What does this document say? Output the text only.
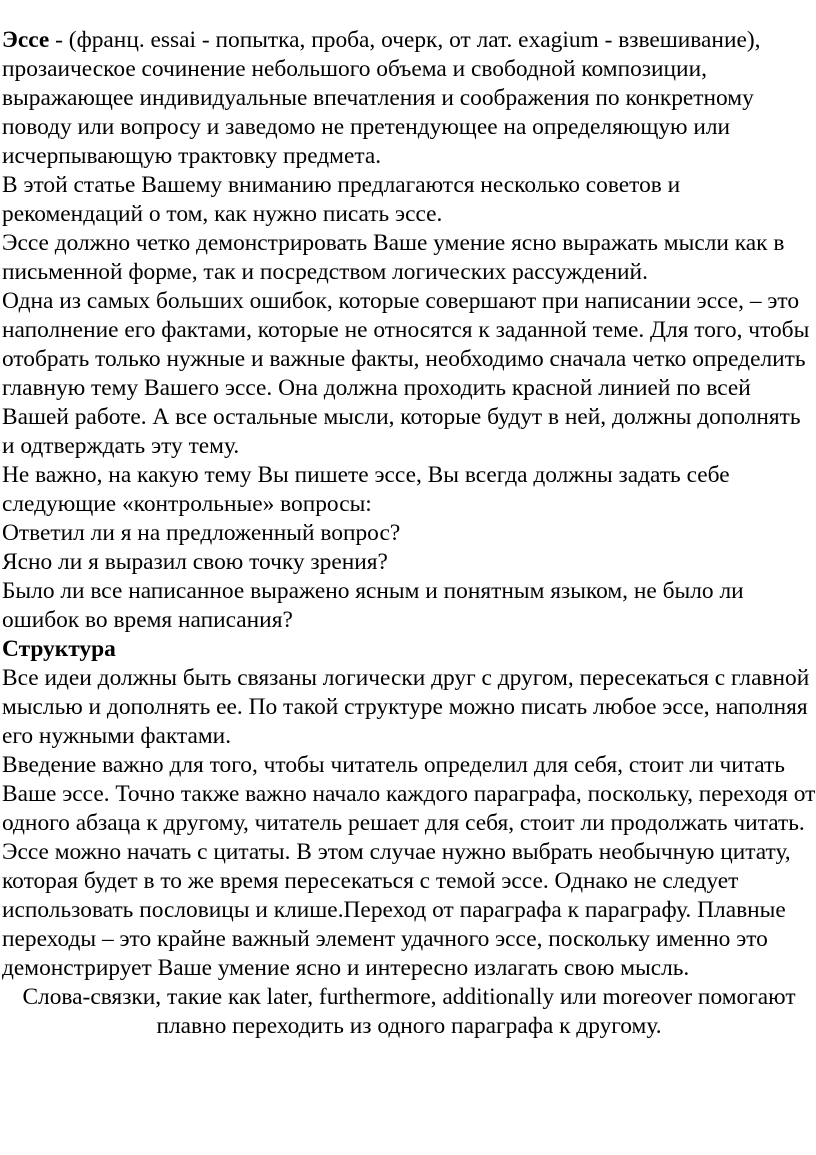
Эссе - (франц. essai - попытка, проба, очерк, от лат. exagium - взвешивание), прозаическое сочинение небольшого объема и свободной композиции, выражающее индивидуальные впечатления и соображения по конкретному поводу или вопросу и заведомо не претендующее на определяющую или исчерпывающую трактовку предмета.

В этой статье Вашему вниманию предлагаются несколько советов и рекомендаций о том, как нужно писать эссе.

Эссе должно четко демонстрировать Ваше умение ясно выражать мысли как в письменной форме, так и посредством логических рассуждений.

Одна из самых больших ошибок, которые совершают при написании эссе, – это наполнение его фактами, которые не относятся к заданной теме. Для того, чтобы отобрать только нужные и важные факты, необходимо сначала четко определить главную тему Вашего эссе. Она должна проходить красной линией по всей Вашей работе. А все остальные мысли, которые будут в ней, должны дополнять и одтверждать эту тему.

Не важно, на какую тему Вы пишете эссе, Вы всегда должны задать себе следующие «контрольные» вопросы:

Ответил ли я на предложенный вопрос?

Ясно ли я выразил свою точку зрения?

Было ли все написанное выражено ясным и понятным языком, не было ли ошибок во время написания?

Структура

Все идеи должны быть связаны логически друг с другом, пересекаться с главной мыслью и дополнять ее. По такой структуре можно писать любое эссе, наполняя его нужными фактами.

Введение важно для того, чтобы читатель определил для себя, стоит ли читать Ваше эссе. Точно также важно начало каждого параграфа, поскольку, переходя от одного абзаца к другому, читатель решает для себя, стоит ли продолжать читать. Эссе можно начать с цитаты. В этом случае нужно выбрать необычную цитату, которая будет в то же время пересекаться с темой эссе. Однако не следует использовать пословицы и клише.Переход от параграфа к параграфу. Плавные переходы – это крайне важный элемент удачного эссе, поскольку именно это демонстрирует Ваше умение ясно и интересно излагать свою мысль.

Слова-связки, такие как later, furthermore, additionally или moreover помогают плавно переходить из одного параграфа к другому.
